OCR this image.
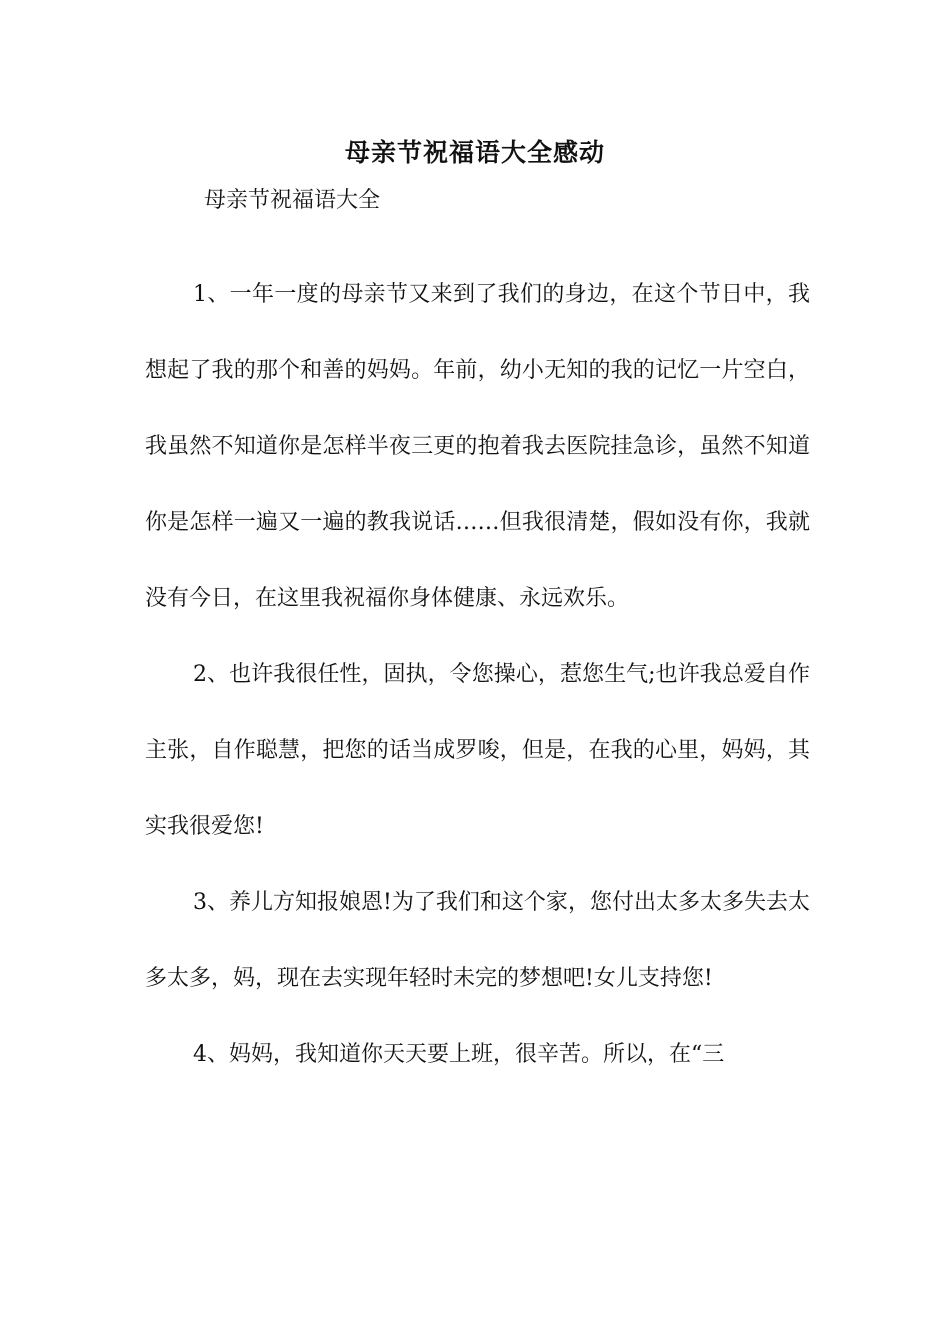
母亲节祝福语大全感动
母亲节祝福语大全

1、一年一度的母亲节又来到了我们的身边，在这个节日中，我想起了我的那个和善的妈妈。年前，幼小无知的我的记忆一片空白，我虽然不知道你是怎样半夜三更的抱着我去医院挂急诊，虽然不知道你是怎样一遍又一遍的教我说话……但我很清楚，假如没有你，我就没有今日，在这里我祝福你身体健康、永远欢乐。

2、也许我很任性，固执，令您操心，惹您生气;也许我总爱自作主张，自作聪慧，把您的话当成罗唆，但是，在我的心里，妈妈，其实我很爱您!

3、养儿方知报娘恩!为了我们和这个家，您付出太多太多失去太多太多，妈，现在去实现年轻时未完的梦想吧!女儿支持您!

4、妈妈，我知道你天天要上班，很辛苦。所以，在“三
